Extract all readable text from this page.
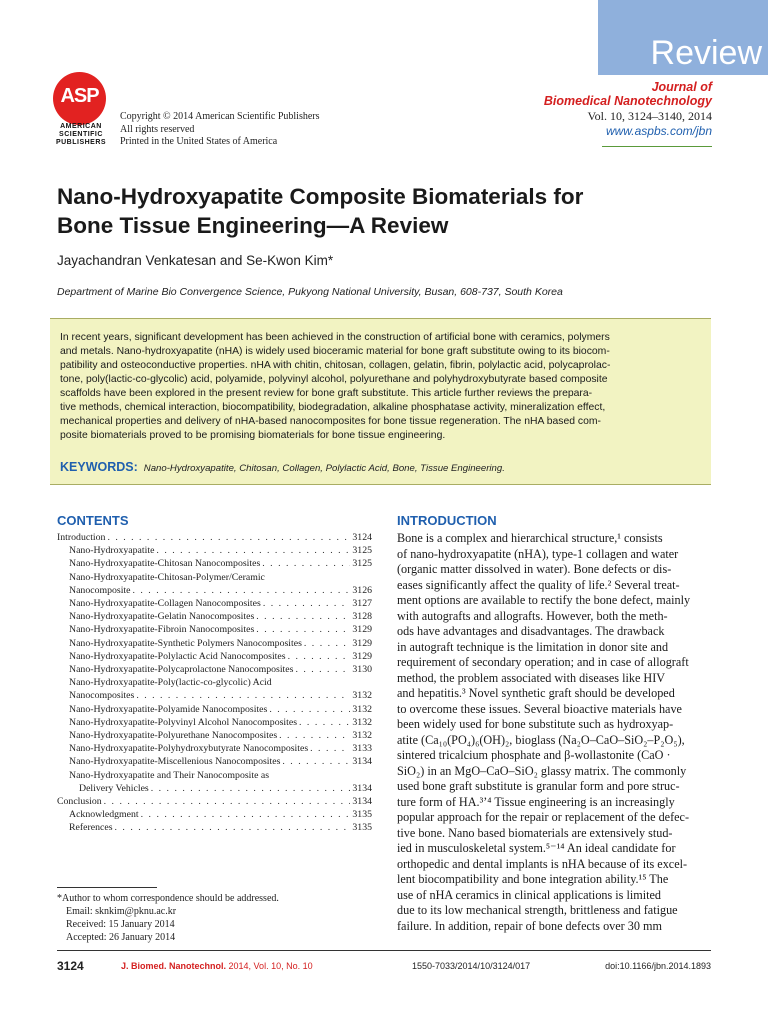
Review
ASP
AMERICAN
SCIENTIFIC
PUBLISHERS
Copyright © 2014 American Scientific Publishers
All rights reserved
Printed in the United States of America
Journal of
Biomedical Nanotechnology
Vol. 10, 3124–3140, 2014
www.aspbs.com/jbn
Nano-Hydroxyapatite Composite Biomaterials for
Bone Tissue Engineering—A Review
Jayachandran Venkatesan and Se-Kwon Kim*
Department of Marine Bio Convergence Science, Pukyong National University, Busan, 608-737, South Korea
In recent years, significant development has been achieved in the construction of artificial bone with ceramics, polymers
and metals. Nano-hydroxyapatite (nHA) is widely used bioceramic material for bone graft substitute owing to its biocom-
patibility and osteoconductive properties. nHA with chitin, chitosan, collagen, gelatin, fibrin, polylactic acid, polycaprolac-
tone, poly(lactic-co-glycolic) acid, polyamide, polyvinyl alcohol, polyurethane and polyhydroxybutyrate based composite
scaffolds have been explored in the present review for bone graft substitute. This article further reviews the prepara-
tive methods, chemical interaction, biocompatibility, biodegradation, alkaline phosphatase activity, mineralization effect,
mechanical properties and delivery of nHA-based nanocomposites for bone tissue regeneration. The nHA based com-
posite biomaterials proved to be promising biomaterials for bone tissue engineering.
KEYWORDS: Nano-Hydroxyapatite, Chitosan, Collagen, Polylactic Acid, Bone, Tissue Engineering.
CONTENTS
Introduction . . .	3124
Nano-Hydroxyapatite . . .	3125
Nano-Hydroxyapatite-Chitosan Nanocomposites . . .	3125
Nano-Hydroxyapatite-Chitosan-Polymer/Ceramic
Nanocomposite . . .	3126
Nano-Hydroxyapatite-Collagen Nanocomposites . . .	3127
Nano-Hydroxyapatite-Gelatin Nanocomposites . . .	3128
Nano-Hydroxyapatite-Fibroin Nanocomposites . . .	3129
Nano-Hydroxyapatite-Synthetic Polymers Nanocomposites . . .	3129
Nano-Hydroxyapatite-Polylactic Acid Nanocomposites . . .	3129
Nano-Hydroxyapatite-Polycaprolactone Nanocomposites . . .	3130
Nano-Hydroxyapatite-Poly(lactic-co-glycolic) Acid
Nanocomposites . . .	3132
Nano-Hydroxyapatite-Polyamide Nanocomposites . . .	3132
Nano-Hydroxyapatite-Polyvinyl Alcohol Nanocomposites . . .	3132
Nano-Hydroxyapatite-Polyurethane Nanocomposites . . .	3132
Nano-Hydroxyapatite-Polyhydroxybutyrate Nanocomposites . . .	3133
Nano-Hydroxyapatite-Miscellenious Nanocomposites . . .	3134
Nano-Hydroxyapatite and Their Nanocomposite as
Delivery Vehicles . . .	3134
Conclusion . . .	3134
Acknowledgment . . .	3135
References . . .	3135
*Author to whom correspondence should be addressed.
Email: sknkim@pknu.ac.kr
Received: 15 January 2014
Accepted: 26 January 2014
INTRODUCTION
Bone is a complex and hierarchical structure,¹ consists
of nano-hydroxyapatite (nHA), type-1 collagen and water
(organic matter dissolved in water). Bone defects or dis-
eases significantly affect the quality of life.² Several treat-
ment options are available to rectify the bone defect, mainly
with autografts and allografts. However, both the meth-
ods have advantages and disadvantages. The drawback
in autograft technique is the limitation in donor site and
requirement of secondary operation; and in case of allograft
method, the problem associated with diseases like HIV
and hepatitis.³ Novel synthetic graft should be developed
to overcome these issues. Several bioactive materials have
been widely used for bone substitute such as hydroxyap-
atite (Ca₁₀(PO₄)₆(OH)₂, bioglass (Na₂O–CaO–SiO₂–P₂O₅),
sintered tricalcium phosphate and β-wollastonite (CaO ·
SiO₂) in an MgO–CaO–SiO₂ glassy matrix. The commonly
used bone graft substitute is granular form and pore struc-
ture form of HA.³ʼ⁴ Tissue engineering is an increasingly
popular approach for the repair or replacement of the defec-
tive bone. Nano based biomaterials are extensively stud-
ied in musculoskeletal system.⁵⁻¹⁴ An ideal candidate for
orthopedic and dental implants is nHA because of its excel-
lent biocompatibility and bone integration ability.¹⁵ The
use of nHA ceramics in clinical applications is limited
due to its low mechanical strength, brittleness and fatigue
failure. In addition, repair of bone defects over 30 mm
3124	J. Biomed. Nanotechnol. 2014, Vol. 10, No. 10	1550-7033/2014/10/3124/017	doi:10.1166/jbn.2014.1893
